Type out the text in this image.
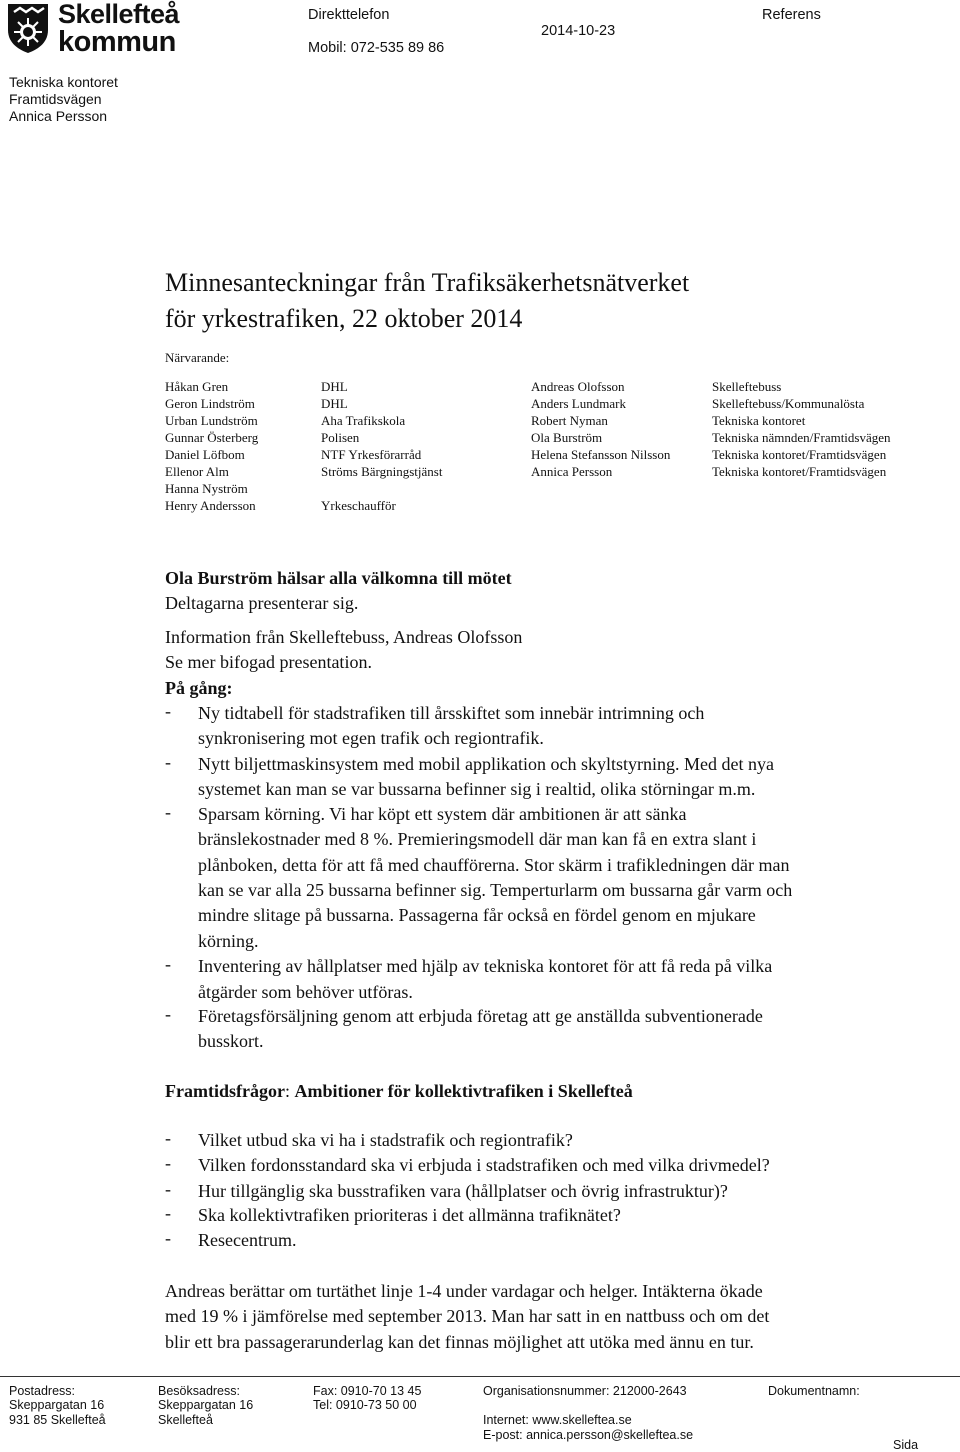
Skellefteå
kommun
Direkttelefon
Mobil: 072-535 89 86
2014-10-23
Referens
Tekniska kontoret
Framtidsvägen
Annica Persson
Minnesanteckningar från Trafiksäkerhetsnätverket
för yrkestrafiken, 22 oktober 2014
Närvarande:
Håkan Gren
Geron Lindström
Urban Lundström
Gunnar Österberg
Daniel Löfbom
Ellenor Alm
Hanna Nyström
Henry Andersson
DHL
DHL
Aha Trafikskola
Polisen
NTF Yrkesförarråd
Ströms Bärgningstjänst
Yrkeschaufför
Andreas Olofsson
Anders Lundmark
Robert Nyman
Ola Burström
Helena Stefansson Nilsson
Annica Persson
Skelleftebuss
Skelleftebuss/Kommunalösta
Tekniska kontoret
Tekniska nämnden/Framtidsvägen
Tekniska kontoret/Framtidsvägen
Tekniska kontoret/Framtidsvägen
Ola Burström hälsar alla välkomna till mötet
Deltagarna presenterar sig.
Information från Skelleftebuss, Andreas Olofsson
Se mer bifogad presentation.
På gång:
- Ny tidtabell för stadstrafiken till årsskiftet som innebär intrimning och
synkronisering mot egen trafik och regiontrafik.
- Nytt biljettmaskinsystem med mobil applikation och skyltstyrning. Med det nya
systemet kan man se var bussarna befinner sig i realtid, olika störningar m.m.
- Sparsam körning. Vi har köpt ett system där ambitionen är att sänka
bränslekostnader med 8 %. Premieringsmodell där man kan få en extra slant i
plånboken, detta för att få med chaufförerna. Stor skärm i trafikledningen där man
kan se var alla 25 bussarna befinner sig. Temperturlarm om bussarna går varm och
mindre slitage på bussarna. Passagerna får också en fördel genom en mjukare
körning.
- Inventering av hållplatser med hjälp av tekniska kontoret för att få reda på vilka
åtgärder som behöver utföras.
- Företagsförsäljning genom att erbjuda företag att ge anställda subventionerade
busskort.
Framtidsfrågor: Ambitioner för kollektivtrafiken i Skellefteå
- Vilket utbud ska vi ha i stadstrafik och regiontrafik?
- Vilken fordonsstandard ska vi erbjuda i stadstrafiken och med vilka drivmedel?
- Hur tillgänglig ska busstrafiken vara (hållplatser och övrig infrastruktur)?
- Ska kollektivtrafiken prioriteras i det allmänna trafiknätet?
- Resecentrum.
Andreas berättar om turtäthet linje 1-4 under vardagar och helger. Intäkterna ökade
med 19 % i jämförelse med september 2013. Man har satt in en nattbuss och om det
blir ett bra passagerarunderlag kan det finnas möjlighet att utöka med ännu en tur.
Postadress:
Skeppargatan 16
931 85 Skellefteå
Besöksadress:
Skeppargatan 16
Skellefteå
Fax: 0910-70 13 45
Tel: 0910-73 50 00
Organisationsnummer: 212000-2643
Internet: www.skelleftea.se
E-post: annica.persson@skelleftea.se
Dokumentnamn:
Sida
